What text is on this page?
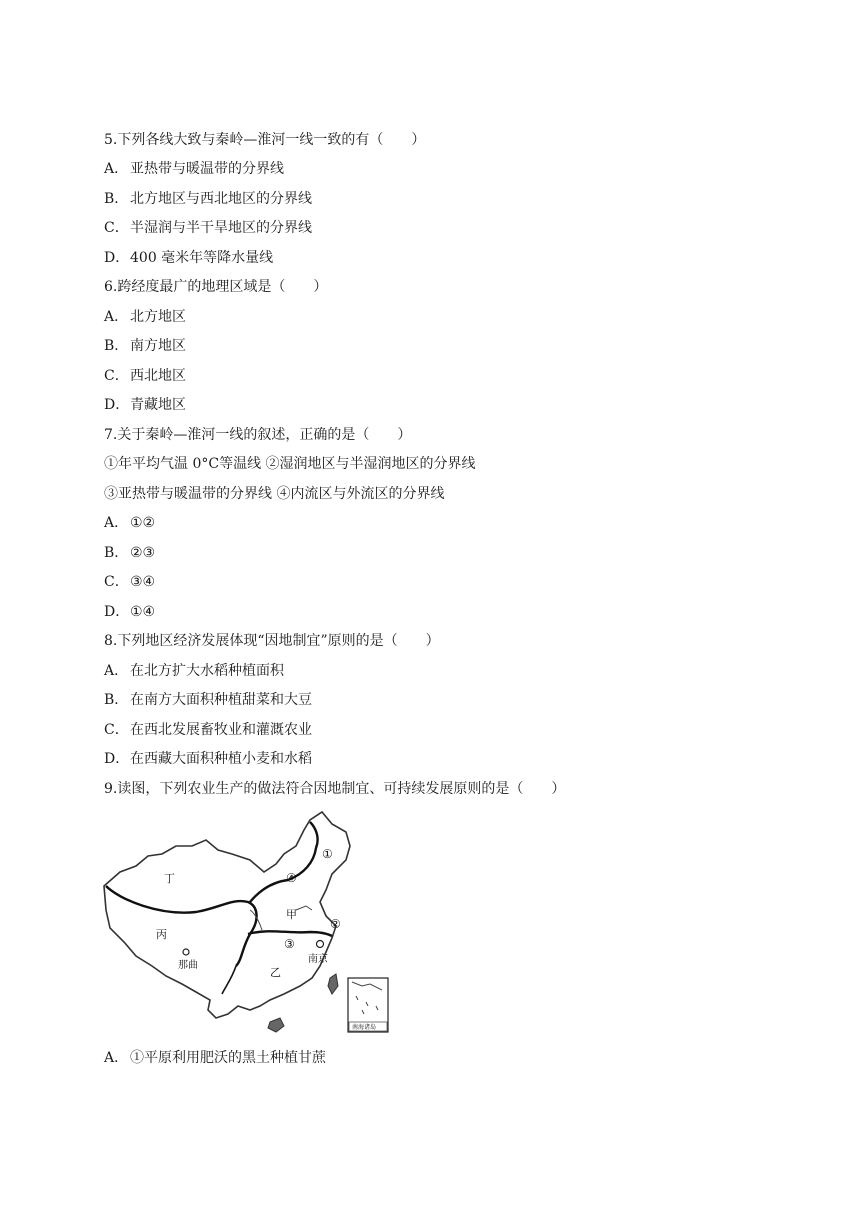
5.下列各线大致与秦岭—淮河一线一致的有（　　）
A． 亚热带与暖温带的分界线
B． 北方地区与西北地区的分界线
C．半湿润与半干旱地区的分界线
D．400 毫米年等降水量线
6.跨经度最广的地理区域是（　　）
A． 北方地区
B． 南方地区
C．西北地区
D．青藏地区
7.关于秦岭—淮河一线的叙述，正确的是（　　）
①年平均气温 0°C等温线 ②湿润地区与半湿润地区的分界线
③亚热带与暖温带的分界线 ④内流区与外流区的分界线
A． ①②
B． ②③
C．③④
D．①④
8.下列地区经济发展体现“因地制宜”原则的是（　　）
A． 在北方扩大水稻种植面积
B． 在南方大面积种植甜菜和大豆
C．在西北发展畜牧业和灌溉农业
D．在西藏大面积种植小麦和水稻
9.读图，下列农业生产的做法符合因地制宜、可持续发展原则的是（　　）
丁
丙
甲
乙
那曲
南京
①
②
③
④
南海诸岛
A． ①平原利用肥沃的黑土种植甘蔗
